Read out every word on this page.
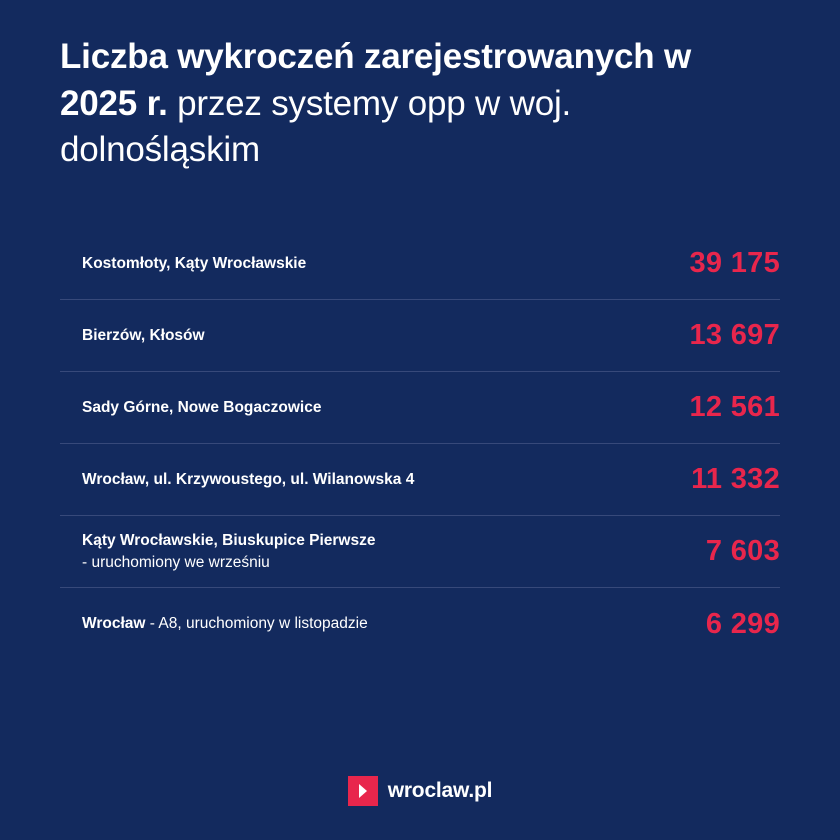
Liczba wykroczeń zarejestrowanych w 2025 r. przez systemy opp w woj. dolnośląskim
Kostomłoty, Kąty Wrocławskie	39 175
Bierzów, Kłosów	13 697
Sady Górne, Nowe Bogaczowice	12 561
Wrocław, ul. Krzywoustego, ul. Wilanowska 4	11 332
Kąty Wrocławskie, Biuskupice Pierwsze
- uruchomiony we wrześniu	7 603
Wrocław - A8, uruchomiony w listopadzie	6 299
wroclaw.pl
